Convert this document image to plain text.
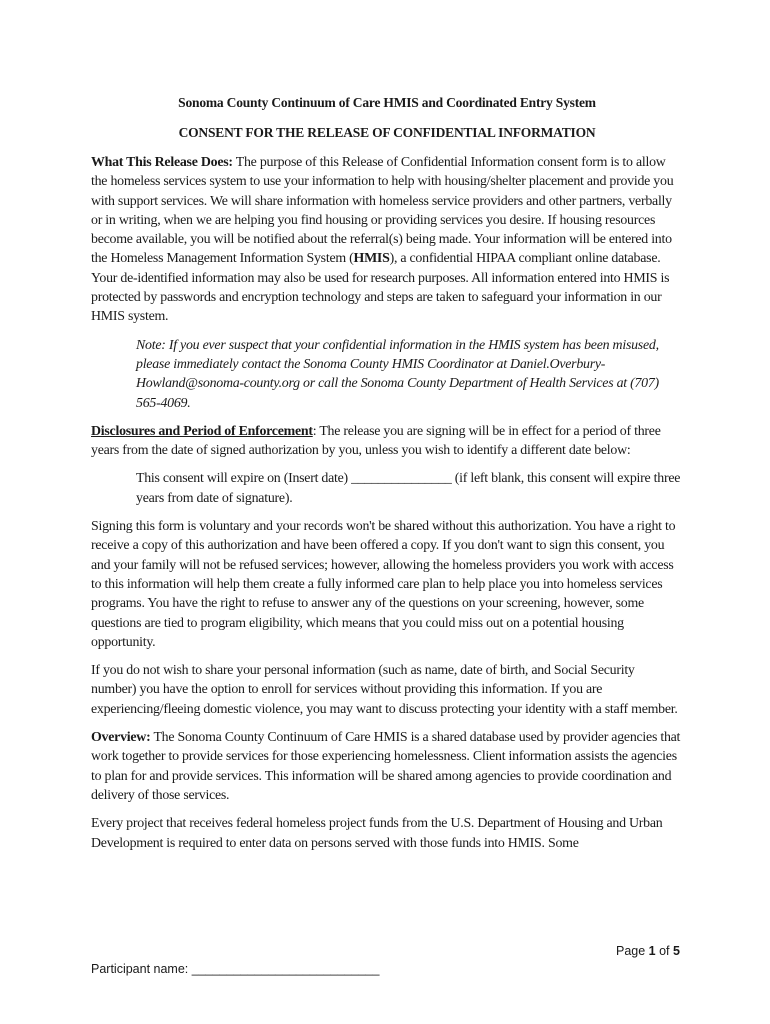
Sonoma County Continuum of Care HMIS and Coordinated Entry System
CONSENT FOR THE RELEASE OF CONFIDENTIAL INFORMATION

What This Release Does: The purpose of this Release of Confidential Information consent form is to allow the homeless services system to use your information to help with housing/shelter placement and provide you with support services. We will share information with homeless service providers and other partners, verbally or in writing, when we are helping you find housing or providing services you desire. If housing resources become available, you will be notified about the referral(s) being made. Your information will be entered into the Homeless Management Information System (HMIS), a confidential HIPAA compliant online database. Your de-identified information may also be used for research purposes. All information entered into HMIS is protected by passwords and encryption technology and steps are taken to safeguard your information in our HMIS system.

Note: If you ever suspect that your confidential information in the HMIS system has been misused, please immediately contact the Sonoma County HMIS Coordinator at Daniel.Overbury-Howland@sonoma-county.org or call the Sonoma County Department of Health Services at (707) 565-4069.

Disclosures and Period of Enforcement: The release you are signing will be in effect for a period of three years from the date of signed authorization by you, unless you wish to identify a different date below:

This consent will expire on (Insert date) _______________ (if left blank, this consent will expire three years from date of signature).

Signing this form is voluntary and your records won't be shared without this authorization. You have a right to receive a copy of this authorization and have been offered a copy. If you don't want to sign this consent, you and your family will not be refused services; however, allowing the homeless providers you work with access to this information will help them create a fully informed care plan to help place you into homeless services programs. You have the right to refuse to answer any of the questions on your screening, however, some questions are tied to program eligibility, which means that you could miss out on a potential housing opportunity.

If you do not wish to share your personal information (such as name, date of birth, and Social Security number) you have the option to enroll for services without providing this information. If you are experiencing/fleeing domestic violence, you may want to discuss protecting your identity with a staff member.

Overview: The Sonoma County Continuum of Care HMIS is a shared database used by provider agencies that work together to provide services for those experiencing homelessness. Client information assists the agencies to plan for and provide services. This information will be shared among agencies to provide coordination and delivery of those services.

Every project that receives federal homeless project funds from the U.S. Department of Housing and Urban Development is required to enter data on persons served with those funds into HMIS. Some

Page 1 of 5
Participant name: ___________________________
